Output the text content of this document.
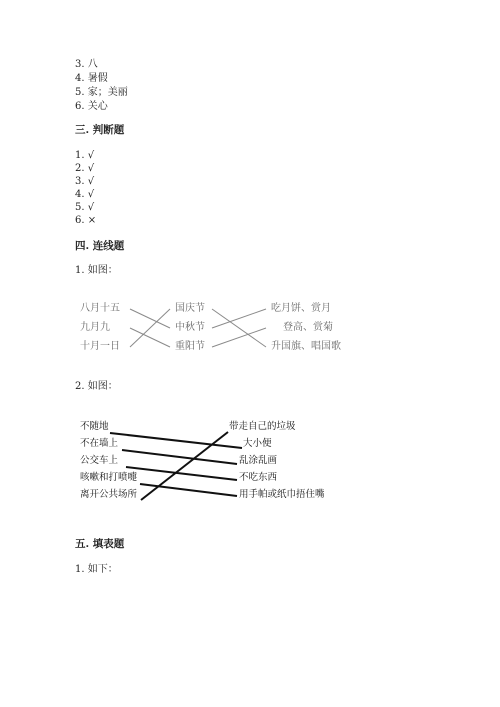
3. 八
4. 暑假
5. 家；美丽
6. 关心
三. 判断题
1. √
2. √
3. √
4. √
5. √
6. ×
四. 连线题
1. 如图：
八月十五
九月九
十月一日
国庆节
中秋节
重阳节
吃月饼、赏月
登高、赏菊
升国旗、唱国歌
2. 如图：
不随地
不在墙上
公交车上
咳嗽和打喷嚏
离开公共场所
带走自己的垃圾
大小便
乱涂乱画
不吃东西
用手帕或纸巾捂住嘴
五. 填表题
1. 如下：
